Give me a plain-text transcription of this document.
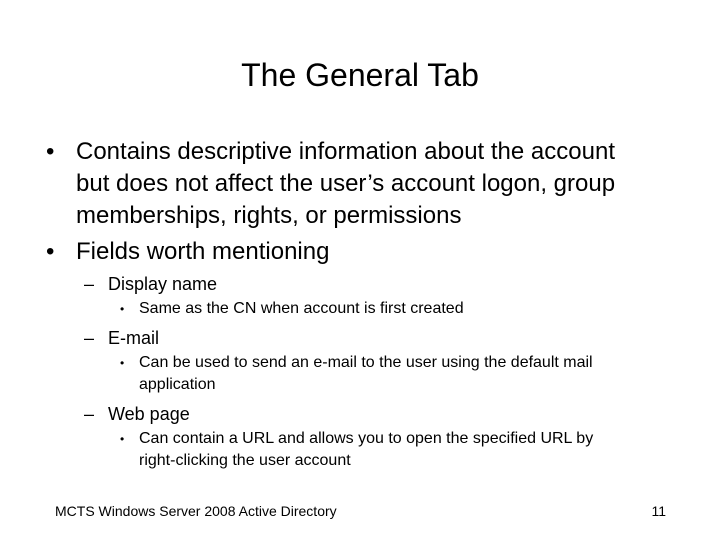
The General Tab
• Contains descriptive information about the account
but does not affect the user’s account logon, group
memberships, rights, or permissions
• Fields worth mentioning
– Display name
• Same as the CN when account is first created
– E-mail
• Can be used to send an e-mail to the user using the default mail
application
– Web page
• Can contain a URL and allows you to open the specified URL by
right-clicking the user account
MCTS Windows Server 2008 Active Directory	11
